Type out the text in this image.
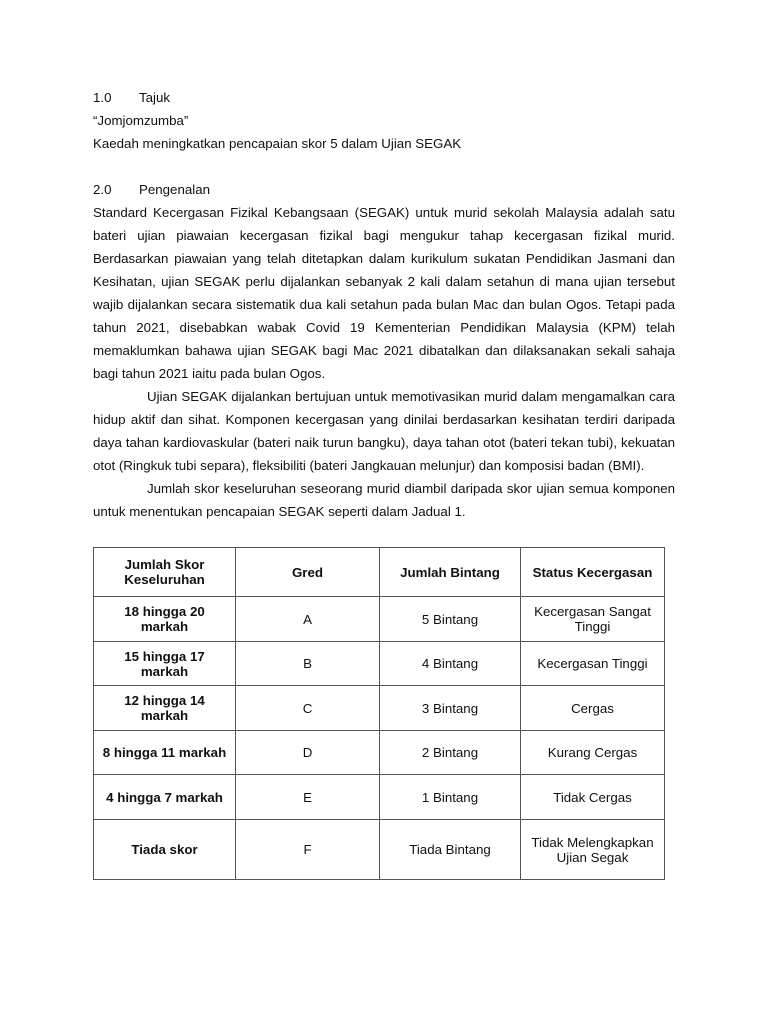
1.0	Tajuk
“Jomjomzumba”
Kaedah meningkatkan pencapaian skor 5 dalam Ujian SEGAK
2.0	Pengenalan

Standard Kecergasan Fizikal Kebangsaan (SEGAK) untuk murid sekolah Malaysia adalah satu bateri ujian piawaian kecergasan fizikal bagi mengukur tahap kecergasan fizikal murid. Berdasarkan piawaian yang telah ditetapkan dalam kurikulum sukatan Pendidikan Jasmani dan Kesihatan, ujian SEGAK perlu dijalankan sebanyak 2 kali dalam setahun di mana ujian tersebut wajib dijalankan secara sistematik dua kali setahun pada bulan Mac dan bulan Ogos. Tetapi pada tahun 2021, disebabkan wabak Covid 19 Kementerian Pendidikan Malaysia (KPM) telah memaklumkan bahawa ujian SEGAK bagi Mac 2021 dibatalkan dan dilaksanakan sekali sahaja bagi tahun 2021 iaitu pada bulan Ogos.

Ujian SEGAK dijalankan bertujuan untuk memotivasikan murid dalam mengamalkan cara hidup aktif dan sihat. Komponen kecergasan yang dinilai berdasarkan kesihatan terdiri daripada daya tahan kardiovaskular (bateri naik turun bangku), daya tahan otot (bateri tekan tubi), kekuatan otot (Ringkuk tubi separa), fleksibiliti (bateri Jangkauan melunjur) dan komposisi badan (BMI).

Jumlah skor keseluruhan seseorang murid diambil daripada skor ujian semua komponen untuk menentukan pencapaian SEGAK seperti dalam Jadual 1.

Jumlah Skor Keseluruhan	Gred	Jumlah Bintang	Status Kecergasan
18 hingga 20 markah	A	5 Bintang	Kecergasan Sangat Tinggi
15 hingga 17 markah	B	4 Bintang	Kecergasan Tinggi
12 hingga 14 markah	C	3 Bintang	Cergas
8 hingga 11 markah	D	2 Bintang	Kurang Cergas
4 hingga 7 markah	E	1 Bintang	Tidak Cergas
Tiada skor	F	Tiada Bintang	Tidak Melengkapkan Ujian Segak
